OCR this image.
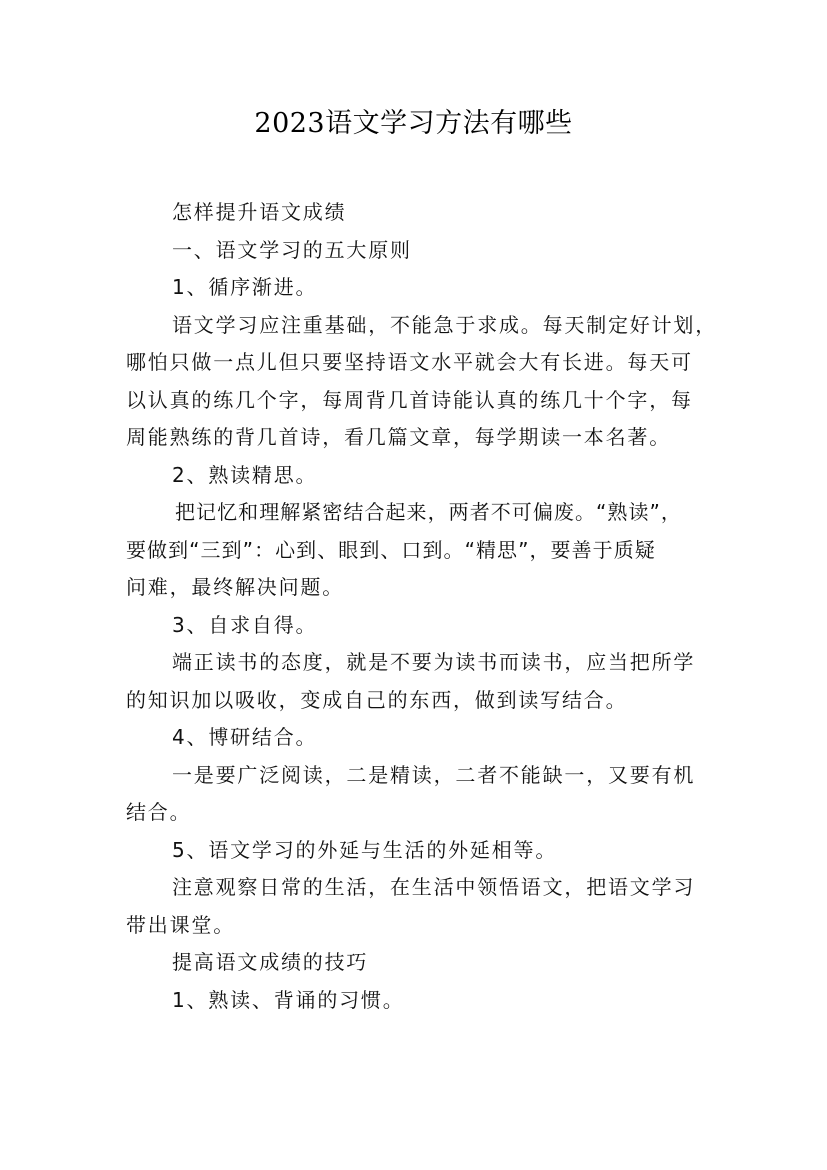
2023语文学习方法有哪些
怎样提升语文成绩
一、语文学习的五大原则
1、循序渐进。
语文学习应注重基础，不能急于求成。每天制定好计划，
哪怕只做一点儿但只要坚持语文水平就会大有长进。每天可
以认真的练几个字，每周背几首诗能认真的练几十个字，每
周能熟练的背几首诗，看几篇文章，每学期读一本名著。
2、熟读精思。
把记忆和理解紧密结合起来，两者不可偏废。“熟读”，
要做到“三到”：心到、眼到、口到。“精思”，要善于质疑
问难，最终解决问题。
3、自求自得。
端正读书的态度，就是不要为读书而读书，应当把所学
的知识加以吸收，变成自己的东西，做到读写结合。
4、博研结合。
一是要广泛阅读，二是精读，二者不能缺一，又要有机
结合。
5、语文学习的外延与生活的外延相等。
注意观察日常的生活，在生活中领悟语文，把语文学习
带出课堂。
提高语文成绩的技巧
1、熟读、背诵的习惯。
